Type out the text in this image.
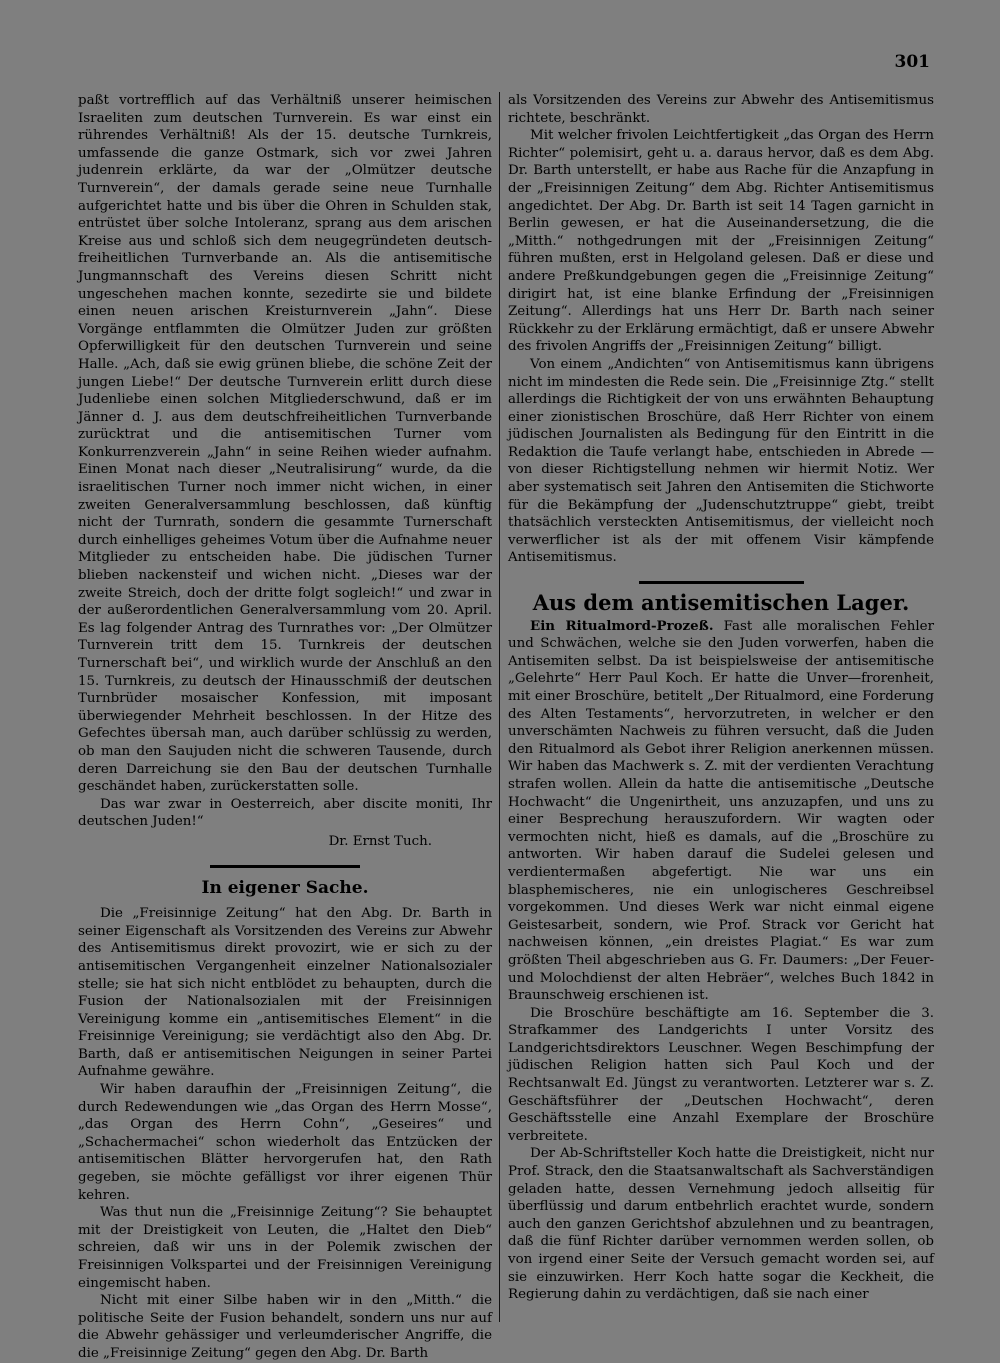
301

paßt vortrefflich auf das Verhältniß unserer heimischen Israeliten zum deutschen Turnverein. Es war einst ein rührendes Verhältniß! Als der 15. deutsche Turnkreis, umfassende die ganze Ostmark, sich vor zwei Jahren judenrein erklärte, da war der „Olmützer deutsche Turnverein“, der damals gerade seine neue Turnhalle aufgerichtet hatte und bis über die Ohren in Schulden stak, entrüstet über solche Intoleranz, sprang aus dem arischen Kreise aus und schloß sich dem neugegründeten deutsch-freiheitlichen Turnverbande an. Als die antisemitische Jungmannschaft des Vereins diesen Schritt nicht ungeschehen machen konnte, sezedirte sie und bildete einen neuen arischen Kreisturnverein „Jahn“. Diese Vorgänge entflammten die Olmützer Juden zur größten Opferwilligkeit für den deutschen Turnverein und seine Halle. „Ach, daß sie ewig grünen bliebe, die schöne Zeit der jungen Liebe!“ Der deutsche Turnverein erlitt durch diese Judenliebe einen solchen Mitgliederschwund, daß er im Jänner d. J. aus dem deutschfreiheitlichen Turnverbande zurücktrat und die antisemitischen Turner vom Konkurrenzverein „Jahn“ in seine Reihen wieder aufnahm. Einen Monat nach dieser „Neutralisirung“ wurde, da die israelitischen Turner noch immer nicht wichen, in einer zweiten Generalversammlung beschlossen, daß künftig nicht der Turnrath, sondern die gesammte Turnerschaft durch einhelliges geheimes Votum über die Aufnahme neuer Mitglieder zu entscheiden habe. Die jüdischen Turner blieben nackensteif und wichen nicht. „Dieses war der zweite Streich, doch der dritte folgt sogleich!“ und zwar in der außerordentlichen Generalversammlung vom 20. April. Es lag folgender Antrag des Turnrathes vor: „Der Olmützer Turnverein tritt dem 15. Turnkreis der deutschen Turnerschaft bei“, und wirklich wurde der Anschluß an den 15. Turnkreis, zu deutsch der Hinausschmiß der deutschen Turnbrüder mosaischer Konfession, mit imposant überwiegender Mehrheit beschlossen. In der Hitze des Gefechtes übersah man, auch darüber schlüssig zu werden, ob man den Saujuden nicht die schweren Tausende, durch deren Darreichung sie den Bau der deutschen Turnhalle geschändet haben, zurückerstatten solle.

Das war zwar in Oesterreich, aber discite moniti, Ihr deutschen Juden!“

Dr. Ernst Tuch.

In eigener Sache.

Die „Freisinnige Zeitung“ hat den Abg. Dr. Barth in seiner Eigenschaft als Vorsitzenden des Vereins zur Abwehr des Antisemitismus direkt provozirt, wie er sich zu der antisemitischen Vergangenheit einzelner Nationalsozialer stelle; sie hat sich nicht entblödet zu behaupten, durch die Fusion der Nationalsozialen mit der Freisinnigen Vereinigung komme ein „antisemitisches Element“ in die Freisinnige Vereinigung; sie verdächtigt also den Abg. Dr. Barth, daß er antisemitischen Neigungen in seiner Partei Aufnahme gewähre.

Wir haben daraufhin der „Freisinnigen Zeitung“, die durch Redewendungen wie „das Organ des Herrn Mosse“, „das Organ des Herrn Cohn“, „Geseires“ und „Schachermachei“ schon wiederholt das Entzücken der antisemitischen Blätter hervorgerufen hat, den Rath gegeben, sie möchte gefälligst vor ihrer eigenen Thür kehren.

Was thut nun die „Freisinnige Zeitung“? Sie behauptet mit der Dreistigkeit von Leuten, die „Haltet den Dieb“ schreien, daß wir uns in der Polemik zwischen der Freisinnigen Volkspartei und der Freisinnigen Vereinigung eingemischt haben.

Nicht mit einer Silbe haben wir in den „Mitth.“ die politische Seite der Fusion behandelt, sondern uns nur auf die Abwehr gehässiger und verleumderischer Angriffe, die die „Freisinnige Zeitung“ gegen den Abg. Dr. Barth

als Vorsitzenden des Vereins zur Abwehr des Antisemitismus richtete, beschränkt.

Mit welcher frivolen Leichtfertigkeit „das Organ des Herrn Richter“ polemisirt, geht u. a. daraus hervor, daß es dem Abg. Dr. Barth unterstellt, er habe aus Rache für die Anzapfung in der „Freisinnigen Zeitung“ dem Abg. Richter Antisemitismus angedichtet. Der Abg. Dr. Barth ist seit 14 Tagen garnicht in Berlin gewesen, er hat die Auseinandersetzung, die die „Mitth.“ nothgedrungen mit der „Freisinnigen Zeitung“ führen mußten, erst in Helgoland gelesen. Daß er diese und andere Preßkundgebungen gegen die „Freisinnige Zeitung“ dirigirt hat, ist eine blanke Erfindung der „Freisinnigen Zeitung“. Allerdings hat uns Herr Dr. Barth nach seiner Rückkehr zu der Erklärung ermächtigt, daß er unsere Abwehr des frivolen Angriffs der „Freisinnigen Zeitung“ billigt.

Von einem „Andichten“ von Antisemitismus kann übrigens nicht im mindesten die Rede sein. Die „Freisinnige Ztg.“ stellt allerdings die Richtigkeit der von uns erwähnten Behauptung einer zionistischen Broschüre, daß Herr Richter von einem jüdischen Journalisten als Bedingung für den Eintritt in die Redaktion die Taufe verlangt habe, entschieden in Abrede — von dieser Richtigstellung nehmen wir hiermit Notiz. Wer aber systematisch seit Jahren den Antisemiten die Stichworte für die Bekämpfung der „Judenschutztruppe“ giebt, treibt thatsächlich versteckten Antisemitismus, der vielleicht noch verwerflicher ist als der mit offenem Visir kämpfende Antisemitismus.

Aus dem antisemitischen Lager.

Ein Ritualmord-Prozeß. Fast alle moralischen Fehler und Schwächen, welche sie den Juden vorwerfen, haben die Antisemiten selbst. Da ist beispielsweise der antisemitische „Gelehrte“ Herr Paul Koch. Er hatte die Unver—frorenheit, mit einer Broschüre, betitelt „Der Ritualmord, eine Forderung des Alten Testaments“, hervorzutreten, in welcher er den unverschämten Nachweis zu führen versucht, daß die Juden den Ritualmord als Gebot ihrer Religion anerkennen müssen. Wir haben das Machwerk s. Z. mit der verdienten Verachtung strafen wollen. Allein da hatte die antisemitische „Deutsche Hochwacht“ die Ungenirtheit, uns anzuzapfen, und uns zu einer Besprechung herauszufordern. Wir wagten oder vermochten nicht, hieß es damals, auf die „Broschüre zu antworten. Wir haben darauf die Sudelei gelesen und verdientermaßen abgefertigt. Nie war uns ein blasphemischeres, nie ein unlogischeres Geschreibsel vorgekommen. Und dieses Werk war nicht einmal eigene Geistesarbeit, sondern, wie Prof. Strack vor Gericht hat nachweisen können, „ein dreistes Plagiat.“ Es war zum größten Theil abgeschrieben aus G. Fr. Daumers: „Der Feuer- und Molochdienst der alten Hebräer“, welches Buch 1842 in Braunschweig erschienen ist.

Die Broschüre beschäftigte am 16. September die 3. Strafkammer des Landgerichts I unter Vorsitz des Landgerichtsdirektors Leuschner. Wegen Beschimpfung der jüdischen Religion hatten sich Paul Koch und der Rechtsanwalt Ed. Jüngst zu verantworten. Letzterer war s. Z. Geschäftsführer der „Deutschen Hochwacht“, deren Geschäftsstelle eine Anzahl Exemplare der Broschüre verbreitete.

Der Ab-Schriftsteller Koch hatte die Dreistigkeit, nicht nur Prof. Strack, den die Staatsanwaltschaft als Sachverständigen geladen hatte, dessen Vernehmung jedoch allseitig für überflüssig und darum entbehrlich erachtet wurde, sondern auch den ganzen Gerichtshof abzulehnen und zu beantragen, daß die fünf Richter darüber vernommen werden sollen, ob von irgend einer Seite der Versuch gemacht worden sei, auf sie einzuwirken. Herr Koch hatte sogar die Keckheit, die Regierung dahin zu verdächtigen, daß sie nach einer
